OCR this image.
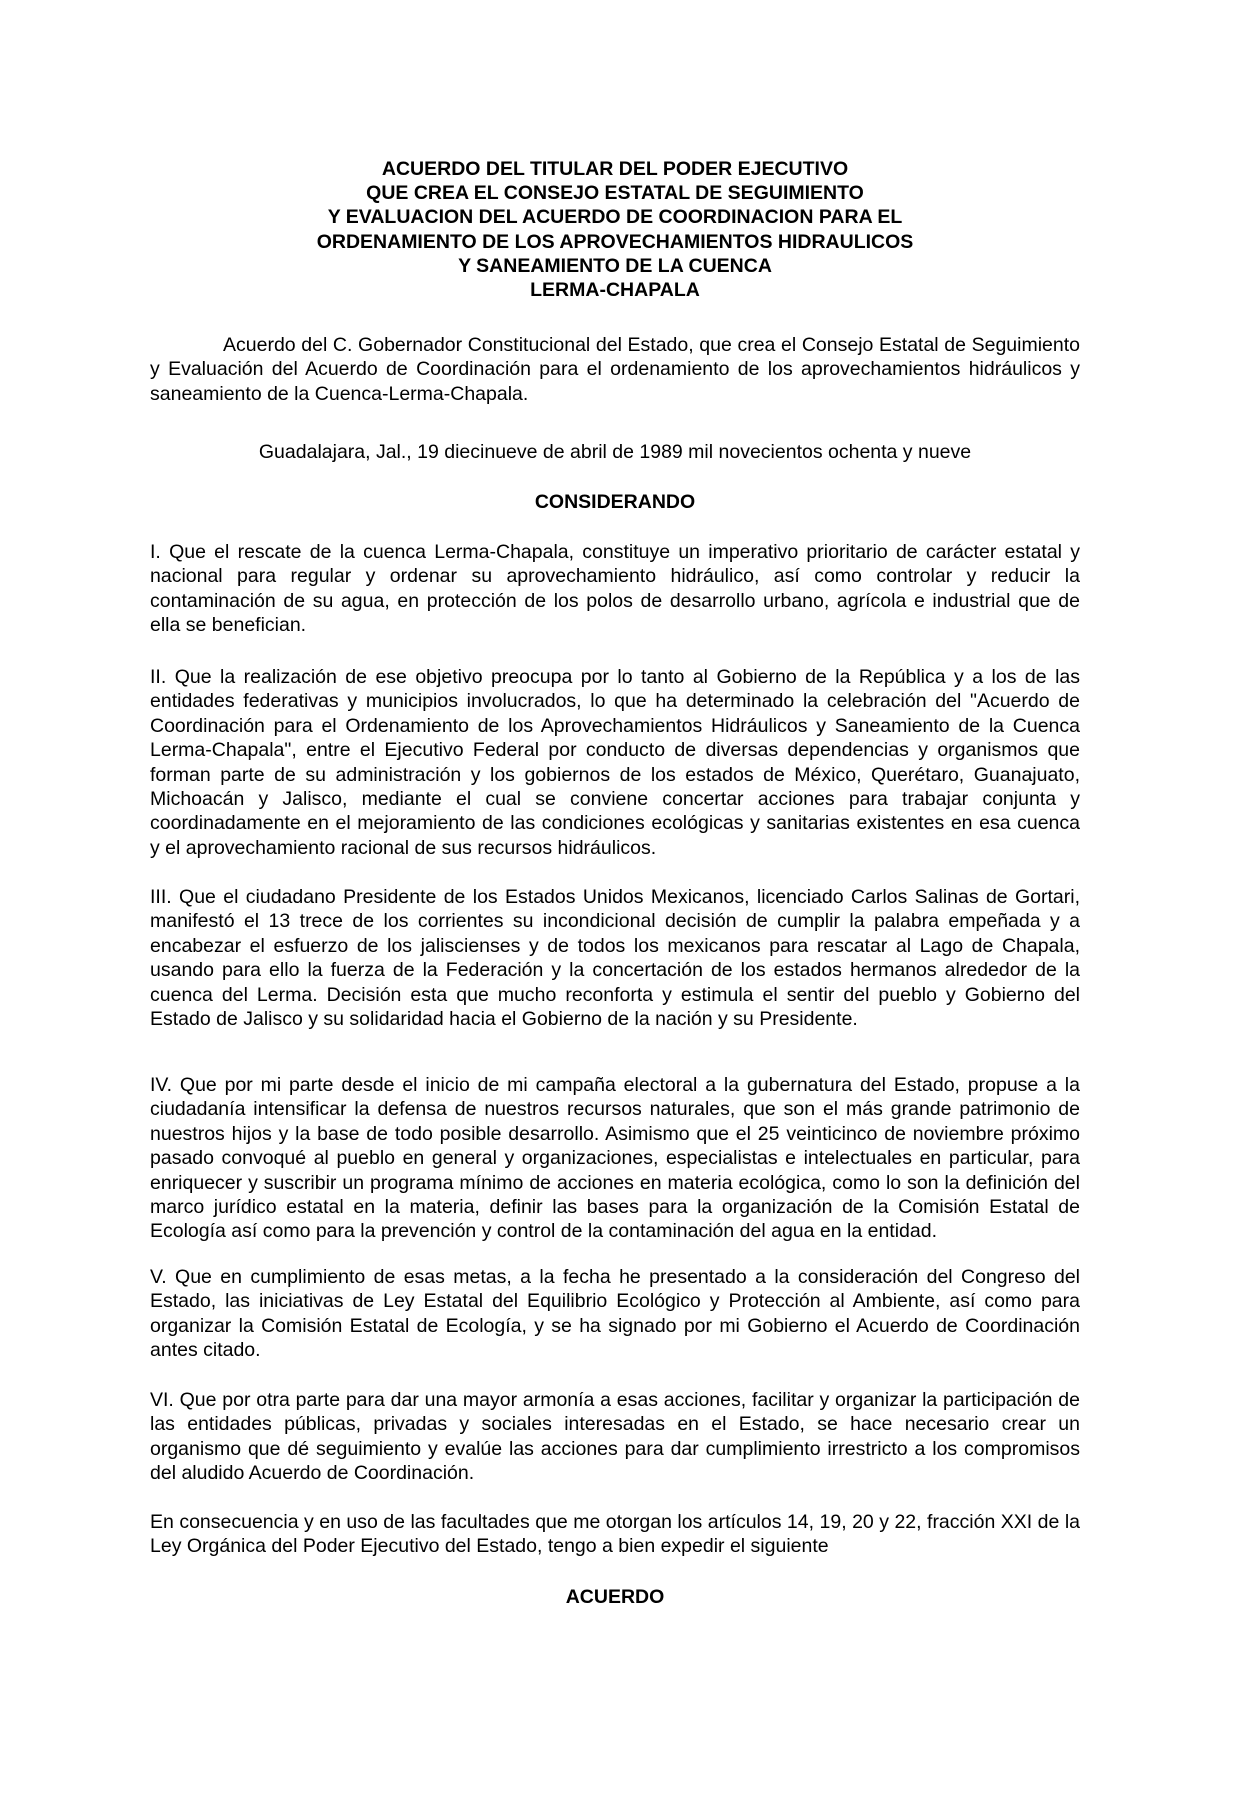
ACUERDO DEL TITULAR DEL PODER EJECUTIVO
QUE CREA EL CONSEJO ESTATAL DE SEGUIMIENTO
Y EVALUACION DEL ACUERDO DE COORDINACION PARA EL
ORDENAMIENTO DE LOS APROVECHAMIENTOS HIDRAULICOS
Y SANEAMIENTO DE LA CUENCA
LERMA-CHAPALA

Acuerdo del C. Gobernador Constitucional del Estado, que crea el Consejo Estatal de Seguimiento y Evaluación del Acuerdo de Coordinación para el ordenamiento de los aprovechamientos hidráulicos y saneamiento de la Cuenca-Lerma-Chapala.

Guadalajara, Jal., 19 diecinueve de abril de 1989 mil novecientos ochenta y nueve
CONSIDERANDO

I. Que el rescate de la cuenca Lerma-Chapala, constituye un imperativo prioritario de carácter estatal y nacional para regular y ordenar su aprovechamiento hidráulico, así como controlar y reducir la contaminación de su agua, en protección de los polos de desarrollo urbano, agrícola e industrial que de ella se benefician.

II. Que la realización de ese objetivo preocupa por lo tanto al Gobierno de la República y a los de las entidades federativas y municipios involucrados, lo que ha determinado la celebración del "Acuerdo de Coordinación para el Ordenamiento de los Aprovechamientos Hidráulicos y Saneamiento de la Cuenca Lerma-Chapala", entre el Ejecutivo Federal por conducto de diversas dependencias y organismos que forman parte de su administración y los gobiernos de los estados de México, Querétaro, Guanajuato, Michoacán y Jalisco, mediante el cual se conviene concertar acciones para trabajar conjunta y coordinadamente en el mejoramiento de las condiciones ecológicas y sanitarias existentes en esa cuenca y el aprovechamiento racional de sus recursos hidráulicos.

III. Que el ciudadano Presidente de los Estados Unidos Mexicanos, licenciado Carlos Salinas de Gortari, manifestó el 13 trece de los corrientes su incondicional decisión de cumplir la palabra empeñada y a encabezar el esfuerzo de los jaliscienses y de todos los mexicanos para rescatar al Lago de Chapala, usando para ello la fuerza de la Federación y la concertación de los estados hermanos alrededor de la cuenca del Lerma. Decisión esta que mucho reconforta y estimula el sentir del pueblo y Gobierno del Estado de Jalisco y su solidaridad hacia el Gobierno de la nación y su Presidente.

IV. Que por mi parte desde el inicio de mi campaña electoral a la gubernatura del Estado, propuse a la ciudadanía intensificar la defensa de nuestros recursos naturales, que son el más grande patrimonio de nuestros hijos y la base de todo posible desarrollo. Asimismo que el 25 veinticinco de noviembre próximo pasado convoqué al pueblo en general y organizaciones, especialistas e intelectuales en particular, para enriquecer y suscribir un programa mínimo de acciones en materia ecológica, como lo son la definición del marco jurídico estatal en la materia, definir las bases para la organización de la Comisión Estatal de Ecología así como para la prevención y control de la contaminación del agua en la entidad.

V. Que en cumplimiento de esas metas, a la fecha he presentado a la consideración del Congreso del Estado, las iniciativas de Ley Estatal del Equilibrio Ecológico y Protección al Ambiente, así como para organizar la Comisión Estatal de Ecología, y se ha signado por mi Gobierno el Acuerdo de Coordinación antes citado.

VI. Que por otra parte para dar una mayor armonía a esas acciones, facilitar y organizar la participación de las entidades públicas, privadas y sociales interesadas en el Estado, se hace necesario crear un organismo que dé seguimiento y evalúe las acciones para dar cumplimiento irrestricto a los compromisos del aludido Acuerdo de Coordinación.

En consecuencia y en uso de las facultades que me otorgan los artículos 14, 19, 20 y 22, fracción XXI de la Ley Orgánica del Poder Ejecutivo del Estado, tengo a bien expedir el siguiente

ACUERDO
